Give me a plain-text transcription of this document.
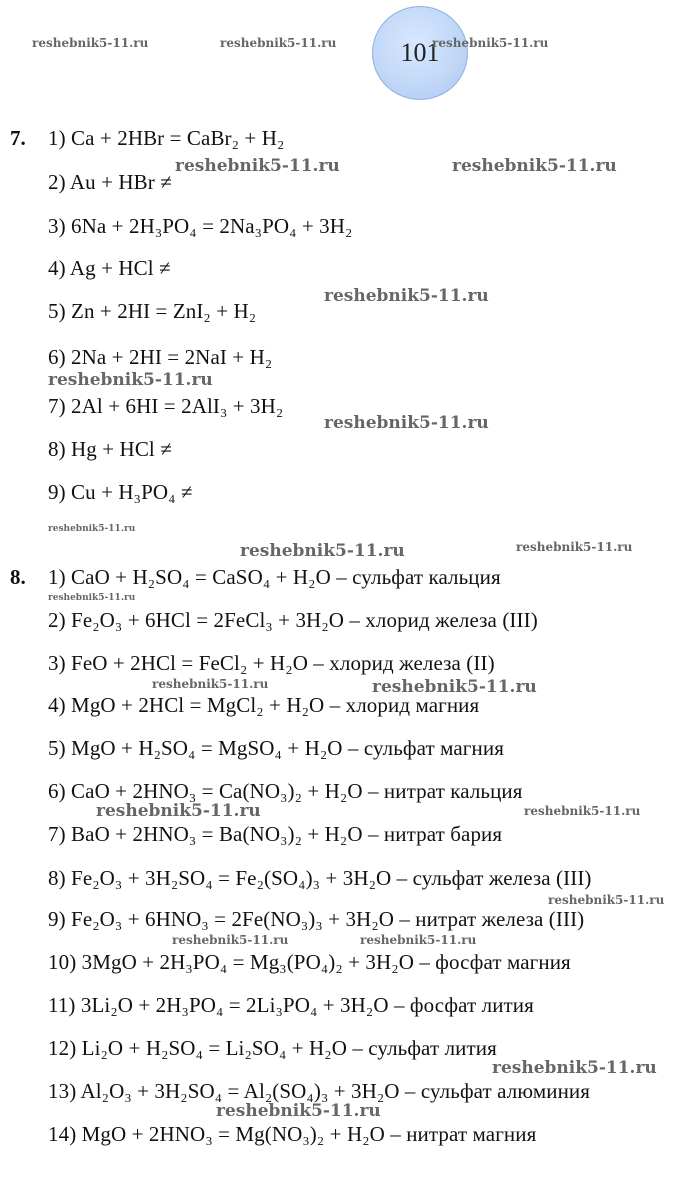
101
reshebnik5-11.ru	reshebnik5-11.ru	reshebnik5-11.ru
reshebnik5-11.ru	reshebnik5-11.ru
reshebnik5-11.ru
reshebnik5-11.ru
reshebnik5-11.ru
reshebnik5-11.ru
reshebnik5-11.ru	reshebnik5-11.ru
reshebnik5-11.ru
reshebnik5-11.ru	reshebnik5-11.ru
reshebnik5-11.ru	reshebnik5-11.ru
reshebnik5-11.ru
reshebnik5-11.ru	reshebnik5-11.ru
reshebnik5-11.ru
reshebnik5-11.ru
7. 1) Ca + 2HBr = CaBr₂ + H₂
2) Au + HBr ≠
3) 6Na + 2H₃PO₄ = 2Na₃PO₄ + 3H₂
4) Ag + HCl ≠
5) Zn + 2HI = ZnI₂ + H₂
6) 2Na + 2HI = 2NaI + H₂
7) 2Al + 6HI = 2AlI₃ + 3H₂
8) Hg + HCl ≠
9) Cu + H₃PO₄ ≠
8. 1) CaO + H₂SO₄ = CaSO₄ + H₂O – сульфат кальция
2) Fe₂O₃ + 6HCl = 2FeCl₃ + 3H₂O – хлорид железа (III)
3) FeO + 2HCl = FeCl₂ + H₂O – хлорид железа (II)
4) MgO + 2HCl = MgCl₂ + H₂O – хлорид магния
5) MgO + H₂SO₄ = MgSO₄ + H₂O – сульфат магния
6) CaO + 2HNO₃ = Ca(NO₃)₂ + H₂O – нитрат кальция
7) BaO + 2HNO₃ = Ba(NO₃)₂ + H₂O – нитрат бария
8) Fe₂O₃ + 3H₂SO₄ = Fe₂(SO₄)₃ + 3H₂O – сульфат железа (III)
9) Fe₂O₃ + 6HNO₃ = 2Fe(NO₃)₃ + 3H₂O – нитрат железа (III)
10) 3MgO + 2H₃PO₄ = Mg₃(PO₄)₂ + 3H₂O – фосфат магния
11) 3Li₂O + 2H₃PO₄ = 2Li₃PO₄ + 3H₂O – фосфат лития
12) Li₂O + H₂SO₄ = Li₂SO₄ + H₂O – сульфат лития
13) Al₂O₃ + 3H₂SO₄ = Al₂(SO₄)₃ + 3H₂O – сульфат алюминия
14) MgO + 2HNO₃ = Mg(NO₃)₂ + H₂O – нитрат магния
